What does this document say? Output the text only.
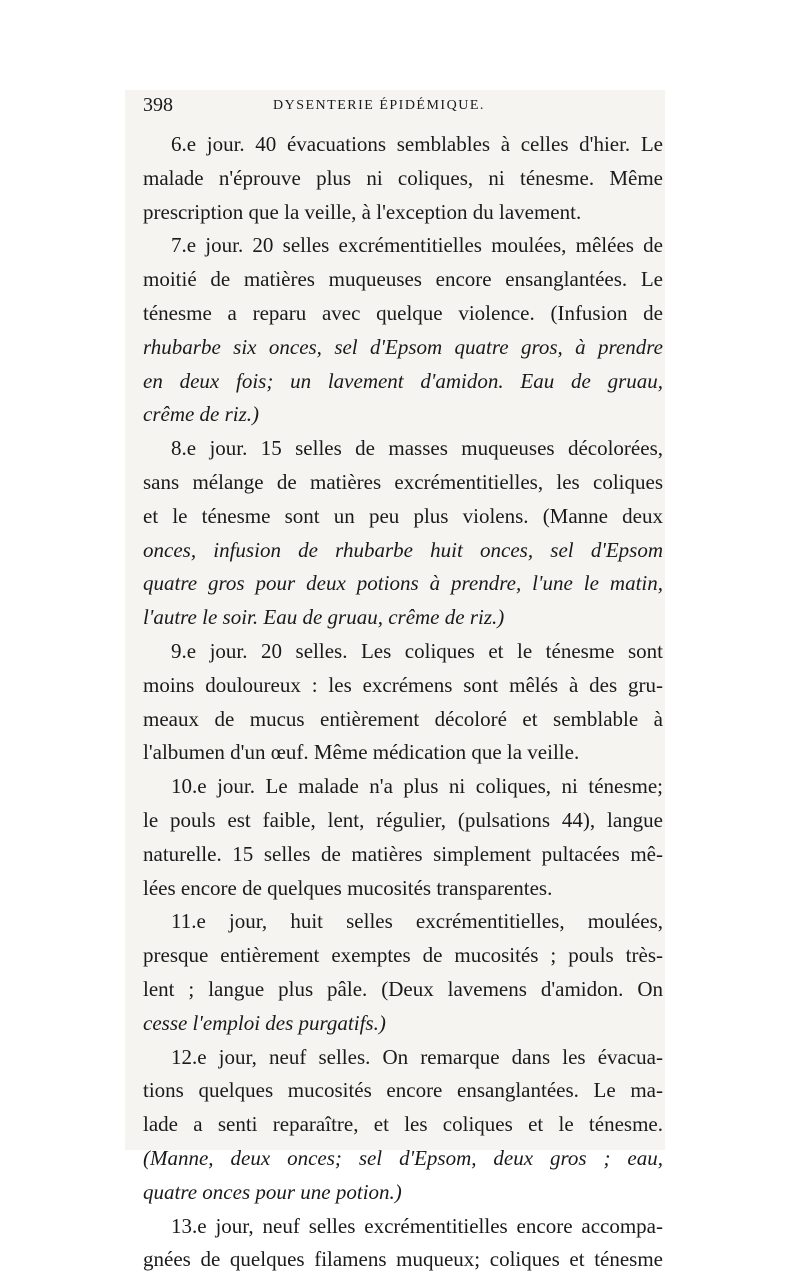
398	DYSENTERIE ÉPIDÉMIQUE.
6.e jour. 40 évacuations semblables à celles d'hier. Le
malade n'éprouve plus ni coliques, ni ténesme. Même
prescription que la veille, à l'exception du lavement.
7.e jour. 20 selles excrémentitielles moulées, mêlées de
moitié de matières muqueuses encore ensanglantées. Le
ténesme a reparu avec quelque violence. (Infusion de
rhubarbe six onces, sel d'Epsom quatre gros, à prendre
en deux fois; un lavement d'amidon. Eau de gruau,
crême de riz.)
8.e jour. 15 selles de masses muqueuses décolorées,
sans mélange de matières excrémentitielles, les coliques
et le ténesme sont un peu plus violens. (Manne deux
onces, infusion de rhubarbe huit onces, sel d'Epsom
quatre gros pour deux potions à prendre, l'une le matin,
l'autre le soir. Eau de gruau, crême de riz.)
9.e jour. 20 selles. Les coliques et le ténesme sont
moins douloureux : les excrémens sont mêlés à des gru-
meaux de mucus entièrement décoloré et semblable à
l'albumen d'un œuf. Même médication que la veille.
10.e jour. Le malade n'a plus ni coliques, ni ténesme;
le pouls est faible, lent, régulier, (pulsations 44), langue
naturelle. 15 selles de matières simplement pultacées mê-
lées encore de quelques mucosités transparentes.
11.e jour, huit selles excrémentitielles, moulées,
presque entièrement exemptes de mucosités ; pouls très-
lent ; langue plus pâle. (Deux lavemens d'amidon. On
cesse l'emploi des purgatifs.)
12.e jour, neuf selles. On remarque dans les évacua-
tions quelques mucosités encore ensanglantées. Le ma-
lade a senti reparaître, et les coliques et le ténesme.
(Manne, deux onces; sel d'Epsom, deux gros ; eau,
quatre onces pour une potion.)
13.e jour, neuf selles excrémentitielles encore accompa-
gnées de quelques filamens muqueux; coliques et ténesme
